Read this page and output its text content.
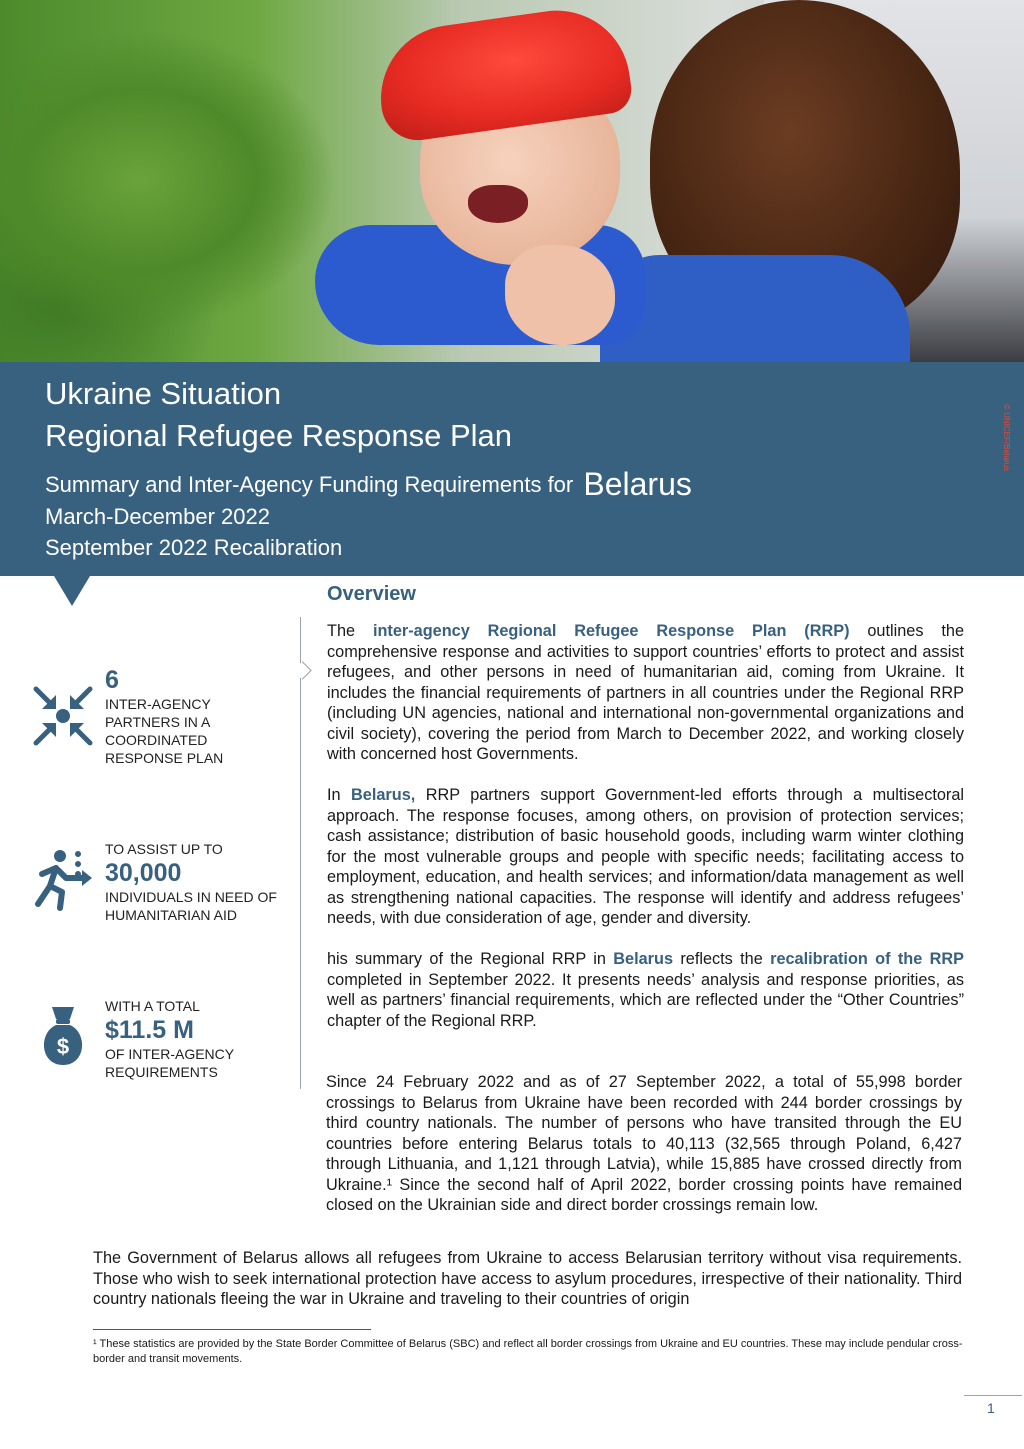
Ukraine Situation
Regional Refugee Response Plan
Summary and Inter-Agency Funding Requirements for Belarus
March-December 2022
September 2022 Recalibration
© UNICEF/Belarus
6
INTER-AGENCY PARTNERS IN A COORDINATED RESPONSE PLAN
TO ASSIST UP TO
30,000
INDIVIDUALS IN NEED OF HUMANITARIAN AID
$
WITH A TOTAL
$11.5 M
OF INTER-AGENCY REQUIREMENTS
Overview
The inter-agency Regional Refugee Response Plan (RRP) outlines the comprehensive response and activities to support countries’ efforts to protect and assist refugees, and other persons in need of humanitarian aid, coming from Ukraine. It includes the financial requirements of partners in all countries under the Regional RRP (including UN agencies, national and international non-governmental organizations and civil society), covering the period from March to December 2022, and working closely with concerned host Governments.
In Belarus, RRP partners support Government-led efforts through a multisectoral approach. The response focuses, among others, on provision of protection services; cash assistance; distribution of basic household goods, including warm winter clothing for the most vulnerable groups and people with specific needs; facilitating access to employment, education, and health services; and information/data management as well as strengthening national capacities. The response will identify and address refugees’ needs, with due consideration of age, gender and diversity.
his summary of the Regional RRP in Belarus reflects the recalibration of the RRP completed in September 2022. It presents needs’ analysis and response priorities, as well as partners’ financial requirements, which are reflected under the “Other Countries” chapter of the Regional RRP.
Since 24 February 2022 and as of 27 September 2022, a total of 55,998 border crossings to Belarus from Ukraine have been recorded with 244 border crossings by third country nationals. The number of persons who have transited through the EU countries before entering Belarus totals to 40,113 (32,565 through Poland, 6,427 through Lithuania, and 1,121 through Latvia), while 15,885 have crossed directly from Ukraine.¹ Since the second half of April 2022, border crossing points have remained closed on the Ukrainian side and direct border crossings remain low.
The Government of Belarus allows all refugees from Ukraine to access Belarusian territory without visa requirements. Those who wish to seek international protection have access to asylum procedures, irrespective of their nationality. Third country nationals fleeing the war in Ukraine and traveling to their countries of origin
¹ These statistics are provided by the State Border Committee of Belarus (SBC) and reflect all border crossings from Ukraine and EU countries. These may include pendular cross-border and transit movements.
1
